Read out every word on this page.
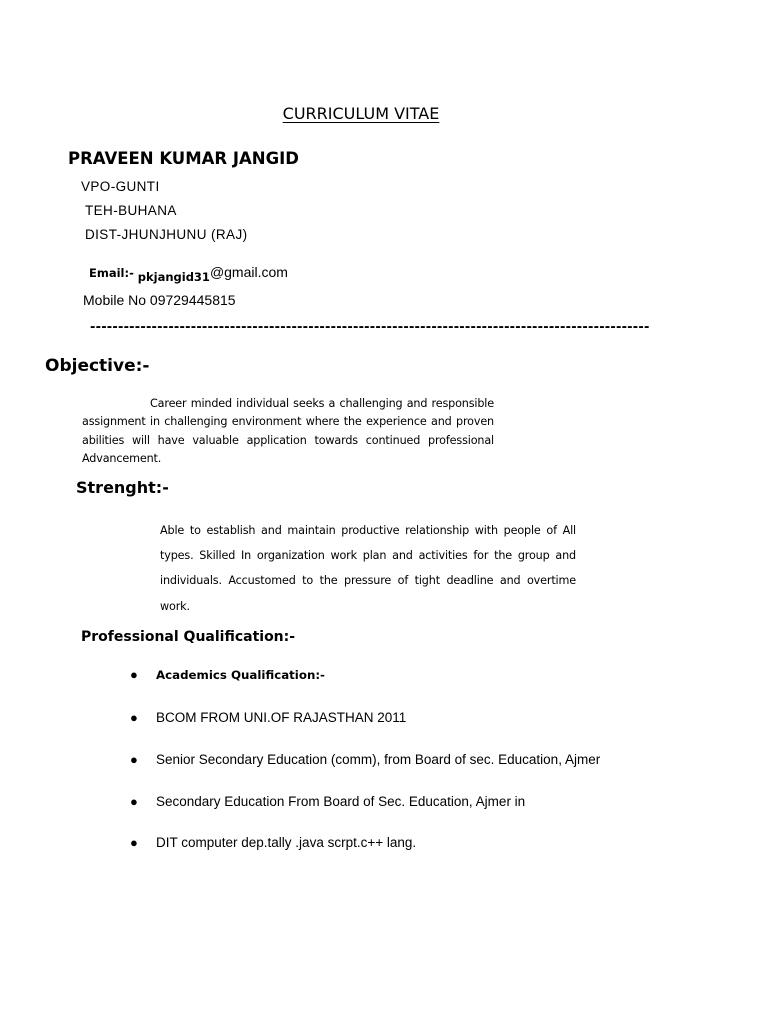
CURRICULUM VITAE
PRAVEEN KUMAR JANGID
VPO-GUNTI
TEH-BUHANA
DIST-JHUNJHUNU (RAJ)
Email:- $_{pkjangid31}$@gmail.com
Mobile No 09729445815
----------------------------------------------------------------------------------------------------
Objective:-
Career minded individual seeks a challenging and responsible assignment in challenging environment where the experience and proven abilities will have valuable application towards continued professional Advancement.
Strenght:-
Able to establish and maintain productive relationship with people of All types. Skilled In organization work plan and activities for the group and individuals. Accustomed to the pressure of tight deadline and overtime work.
Professional Qualification:-
● Academics Qualification:-
● BCOM FROM UNI.OF RAJASTHAN 2011
● Senior Secondary Education (comm), from Board of sec. Education, Ajmer
● Secondary Education From Board of Sec. Education, Ajmer in
● DIT computer dep.tally .java scrpt.c++ lang.
